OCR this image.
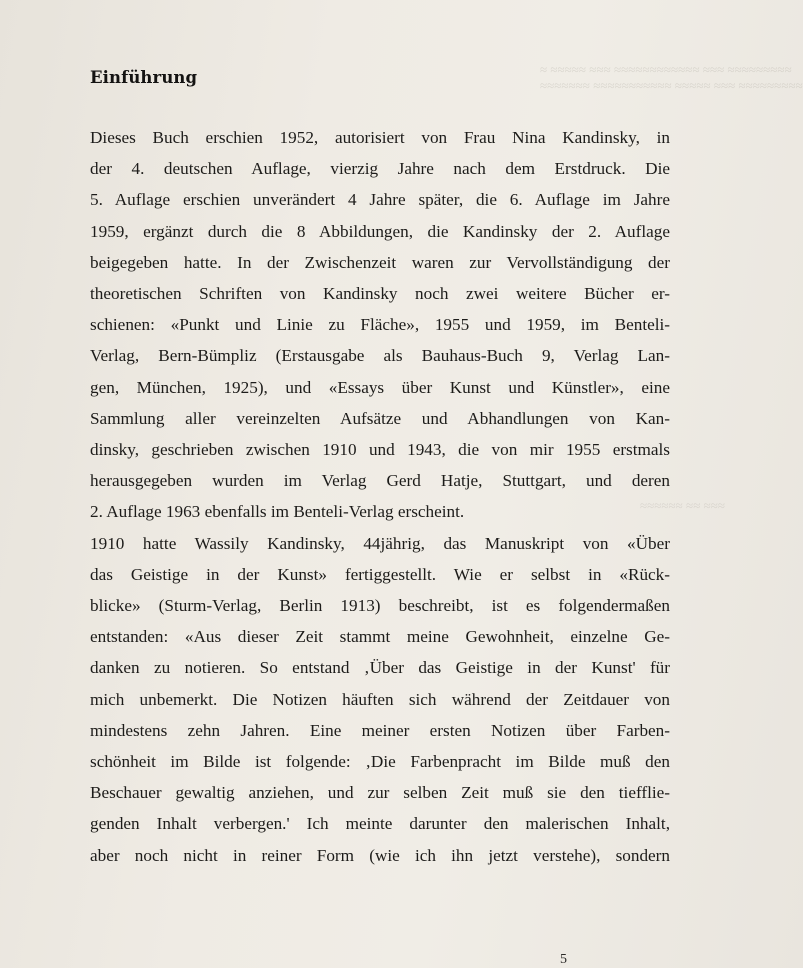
≈ ≈≈≈≈≈ ≈≈≈ ≈≈≈≈≈≈≈≈≈≈≈≈ ≈≈≈ ≈≈≈≈≈≈≈≈≈
≈≈≈≈≈≈≈ ≈≈≈≈≈≈≈≈≈≈≈ ≈≈≈≈≈ ≈≈≈ ≈≈≈≈≈≈≈≈≈
≈≈≈≈≈≈ ≈≈ ≈≈≈
Einführung
Dieses Buch erschien 1952, autorisiert von Frau Nina Kandinsky, in
der 4. deutschen Auflage, vierzig Jahre nach dem Erstdruck. Die
5. Auflage erschien unverändert 4 Jahre später, die 6. Auflage im Jahre
1959, ergänzt durch die 8 Abbildungen, die Kandinsky der 2. Auflage
beigegeben hatte. In der Zwischenzeit waren zur Vervollständigung der
theoretischen Schriften von Kandinsky noch zwei weitere Bücher er-
schienen: «Punkt und Linie zu Fläche», 1955 und 1959, im Benteli-
Verlag, Bern-Bümpliz (Erstausgabe als Bauhaus-Buch 9, Verlag Lan-
gen, München, 1925), und «Essays über Kunst und Künstler», eine
Sammlung aller vereinzelten Aufsätze und Abhandlungen von Kan-
dinsky, geschrieben zwischen 1910 und 1943, die von mir 1955 erstmals
herausgegeben wurden im Verlag Gerd Hatje, Stuttgart, und deren
2. Auflage 1963 ebenfalls im Benteli-Verlag erscheint.
1910 hatte Wassily Kandinsky, 44jährig, das Manuskript von «Über
das Geistige in der Kunst» fertiggestellt. Wie er selbst in «Rück-
blicke» (Sturm-Verlag, Berlin 1913) beschreibt, ist es folgendermaßen
entstanden: «Aus dieser Zeit stammt meine Gewohnheit, einzelne Ge-
danken zu notieren. So entstand ‚Über das Geistige in der Kunst' für
mich unbemerkt. Die Notizen häuften sich während der Zeitdauer von
mindestens zehn Jahren. Eine meiner ersten Notizen über Farben-
schönheit im Bilde ist folgende: ‚Die Farbenpracht im Bilde muß den
Beschauer gewaltig anziehen, und zur selben Zeit muß sie den tiefflie-
genden Inhalt verbergen.' Ich meinte darunter den malerischen Inhalt,
aber noch nicht in reiner Form (wie ich ihn jetzt verstehe), sondern
5
